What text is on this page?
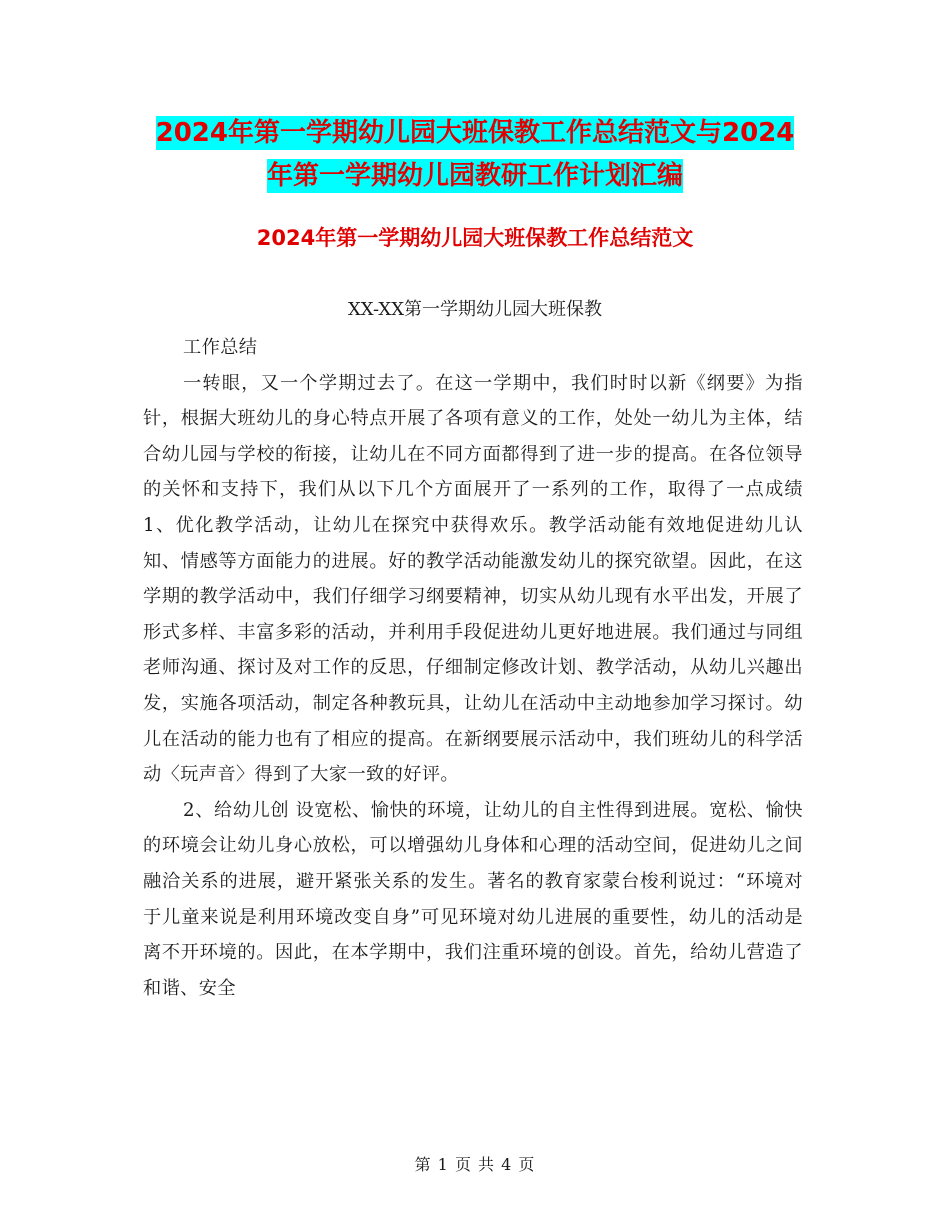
2024年第一学期幼儿园大班保教工作总结范文与2024
年第一学期幼儿园教研工作计划汇编
2024年第一学期幼儿园大班保教工作总结范文
XX-XX第一学期幼儿园大班保教

工作总结

一转眼，又一个学期过去了。在这一学期中，我们时时以新《纲要》为指针，根据大班幼儿的身心特点开展了各项有意义的工作，处处一幼儿为主体，结合幼儿园与学校的衔接，让幼儿在不同方面都得到了进一步的提高。在各位领导的关怀和支持下，我们从以下几个方面展开了一系列的工作，取得了一点成绩　1、优化教学活动，让幼儿在探究中获得欢乐。教学活动能有效地促进幼儿认知、情感等方面能力的进展。好的教学活动能激发幼儿的探究欲望。因此，在这学期的教学活动中，我们仔细学习纲要精神，切实从幼儿现有水平出发，开展了形式多样、丰富多彩的活动，并利用手段促进幼儿更好地进展。我们通过与同组老师沟通、探讨及对工作的反思，仔细制定修改计划、教学活动，从幼儿兴趣出发，实施各项活动，制定各种教玩具，让幼儿在活动中主动地参加学习探讨。幼儿在活动的能力也有了相应的提高。在新纲要展示活动中，我们班幼儿的科学活动〈玩声音〉得到了大家一致的好评。

2、给幼儿创 设宽松、愉快的环境，让幼儿的自主性得到进展。宽松、愉快的环境会让幼儿身心放松，可以增强幼儿身体和心理的活动空间，促进幼儿之间融洽关系的进展，避开紧张关系的发生。著名的教育家蒙台梭利说过：“环境对于儿童来说是利用环境改变自身”可见环境对幼儿进展的重要性，幼儿的活动是离不开环境的。因此，在本学期中，我们注重环境的创设。首先，给幼儿营造了和谐、安全

第 1 页 共 4 页
